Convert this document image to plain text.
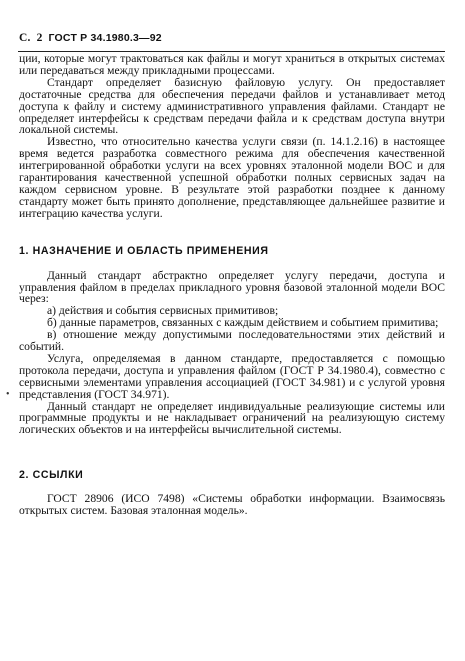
С. 2 ГОСТ Р 34.1980.3—92
•

ции, которые могут трактоваться как файлы и могут храниться в открытых системах или передаваться между прикладными процессами.

Стандарт определяет базисную файловую услугу. Он предоставляет достаточные средства для обеспечения передачи файлов и устанавливает метод доступа к файлу и систему административного управления файлами. Стандарт не определяет интерфейсы к средствам передачи файла и к средствам доступа внутри локальной системы.

Известно, что относительно качества услуги связи (п. 14.1.2.16) в настоящее время ведется разработка совместного режима для обеспечения качественной интегрированной обработки услуги на всех уровнях эталонной модели ВОС и для гарантирования качественной успешной обработки полных сервисных задач на каждом сервисном уровне. В результате этой разработки позднее к данному стандарту может быть принято дополнение, представляющее дальнейшее развитие и интеграцию качества услуги.

1. НАЗНАЧЕНИЕ И ОБЛАСТЬ ПРИМЕНЕНИЯ

Данный стандарт абстрактно определяет услугу передачи, доступа и управления файлом в пределах прикладного уровня базовой эталонной модели ВОС через:

а) действия и события сервисных примитивов;

б) данные параметров, связанных с каждым действием и событием примитива;

в) отношение между допустимыми последовательностями этих действий и событий.

Услуга, определяемая в данном стандарте, предоставляется с помощью протокола передачи, доступа и управления файлом (ГОСТ Р 34.1980.4), совместно с сервисными элементами управления ассоциацией (ГОСТ 34.981) и с услугой уровня представления (ГОСТ 34.971).

Данный стандарт не определяет индивидуальные реализующие системы или программные продукты и не накладывает ограничений на реализующую систему логических объектов и на интерфейсы вычислительной системы.

2. ССЫЛКИ

ГОСТ 28906 (ИСО 7498) «Системы обработки информации. Взаимосвязь открытых систем. Базовая эталонная модель».
